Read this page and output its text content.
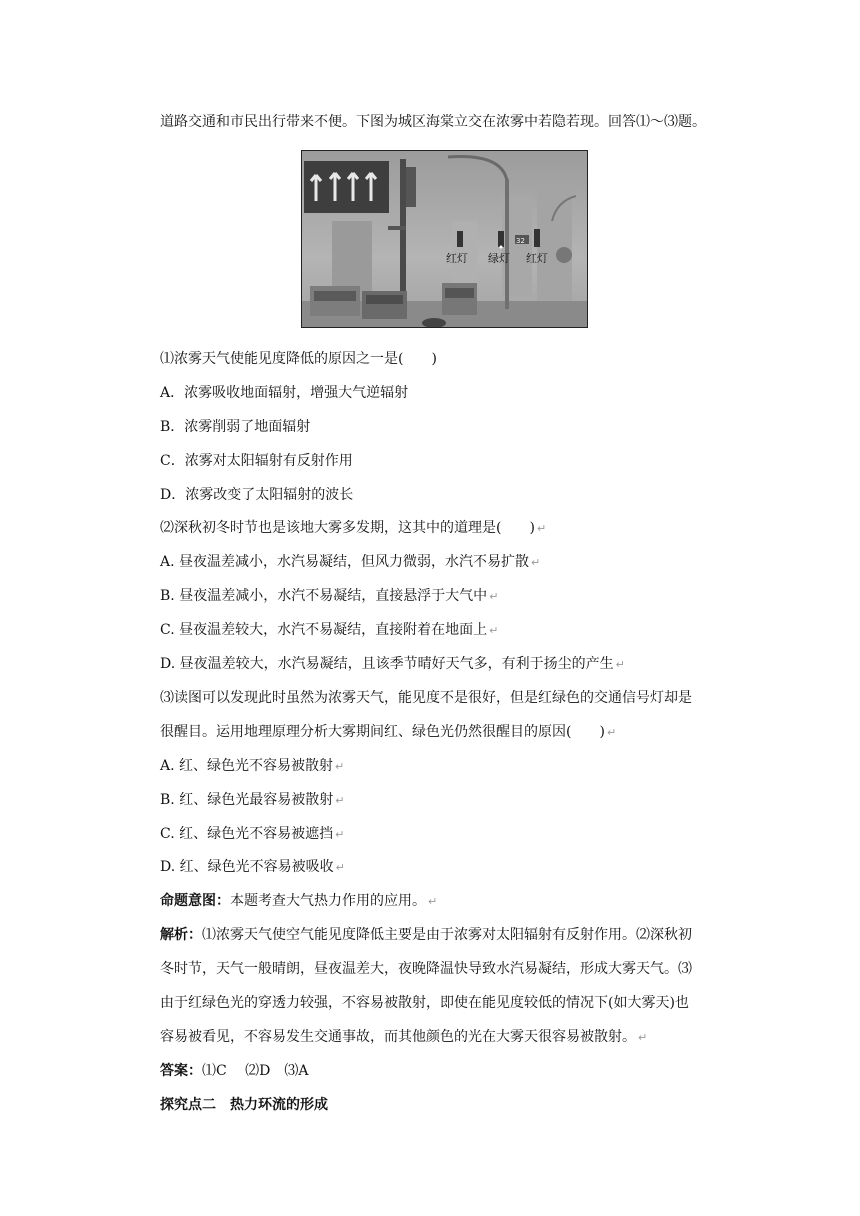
道路交通和市民出行带来不便。下图为城区海棠立交在浓雾中若隐若现。回答⑴～⑶题。
32
红灯 绿灯 红灯
⑴浓雾天气使能见度降低的原因之一是(　　)
A．浓雾吸收地面辐射，增强大气逆辐射
B．浓雾削弱了地面辐射
C．浓雾对太阳辐射有反射作用
D．浓雾改变了太阳辐射的波长
⑵深秋初冬时节也是该地大雾多发期，这其中的道理是(　　) ↵
A. 昼夜温差减小，水汽易凝结，但风力微弱，水汽不易扩散 ↵
B. 昼夜温差减小，水汽不易凝结，直接悬浮于大气中 ↵
C. 昼夜温差较大，水汽不易凝结，直接附着在地面上 ↵
D. 昼夜温差较大，水汽易凝结，且该季节晴好天气多，有利于扬尘的产生 ↵
⑶读图可以发现此时虽然为浓雾天气，能见度不是很好，但是红绿色的交通信号灯却是
很醒目。运用地理原理分析大雾期间红、绿色光仍然很醒目的原因(　　) ↵
A. 红、绿色光不容易被散射 ↵
B. 红、绿色光最容易被散射 ↵
C. 红、绿色光不容易被遮挡 ↵
D. 红、绿色光不容易被吸收 ↵
命题意图：本题考查大气热力作用的应用。 ↵
解析：⑴浓雾天气使空气能见度降低主要是由于浓雾对太阳辐射有反射作用。⑵深秋初
冬时节，天气一般晴朗，昼夜温差大，夜晚降温快导致水汽易凝结，形成大雾天气。⑶
由于红绿色光的穿透力较强，不容易被散射，即使在能见度较低的情况下(如大雾天)也
容易被看见，不容易发生交通事故，而其他颜色的光在大雾天很容易被散射。 ↵
答案：⑴C　 ⑵D　⑶A
探究点二　热力环流的形成
